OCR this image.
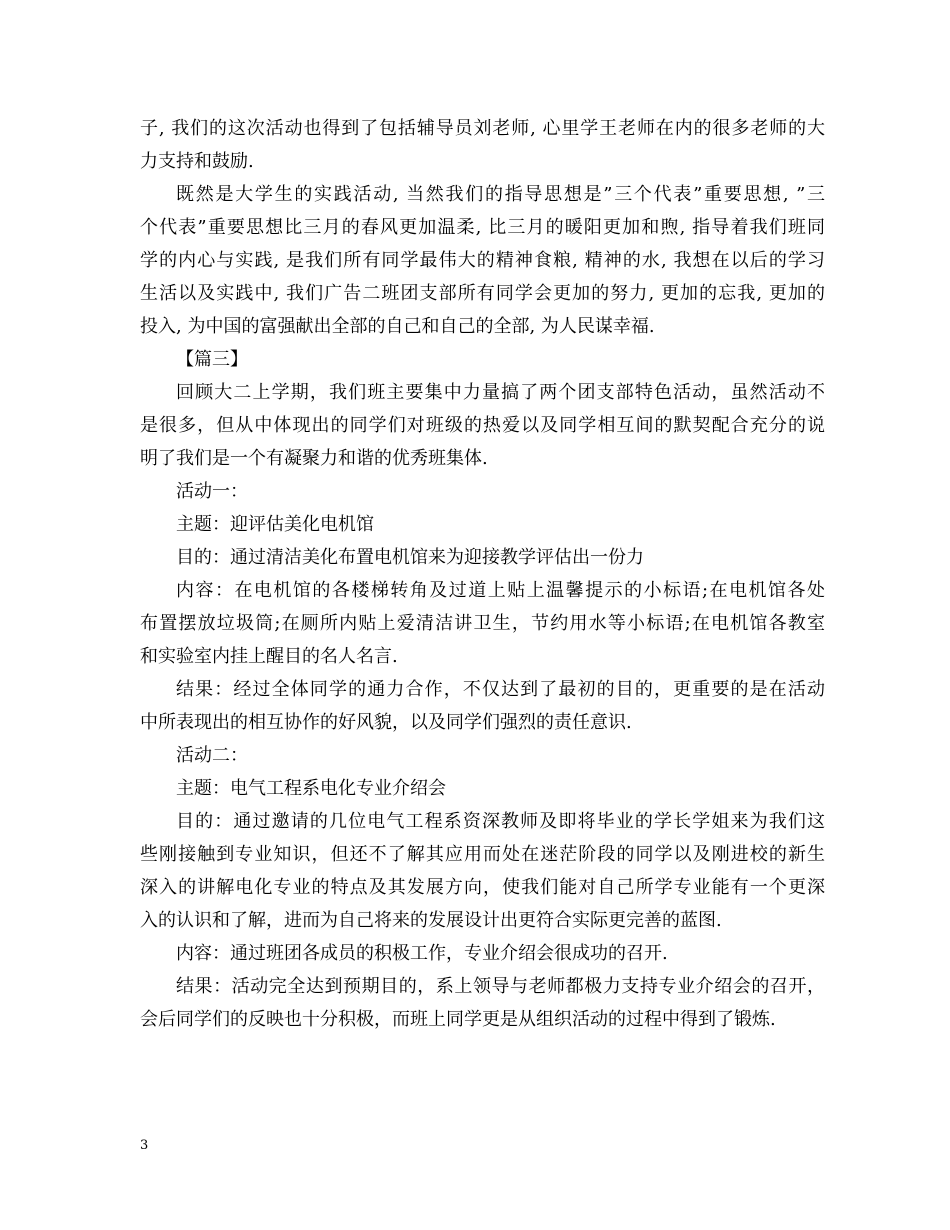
子, 我们的这次活动也得到了包括辅导员刘老师, 心里学王老师在内的很多老师的大
力支持和鼓励.
既然是大学生的实践活动, 当然我们的指导思想是”三个代表”重要思想, ”三
个代表”重要思想比三月的春风更加温柔, 比三月的暖阳更加和煦, 指导着我们班同
学的内心与实践, 是我们所有同学最伟大的精神食粮, 精神的水, 我想在以后的学习
生活以及实践中, 我们广告二班团支部所有同学会更加的努力, 更加的忘我, 更加的
投入, 为中国的富强献出全部的自己和自己的全部, 为人民谋幸福.
【篇三】
回顾大二上学期，我们班主要集中力量搞了两个团支部特色活动，虽然活动不
是很多，但从中体现出的同学们对班级的热爱以及同学相互间的默契配合充分的说
明了我们是一个有凝聚力和谐的优秀班集体.
活动一：
主题：迎评估美化电机馆
目的：通过清洁美化布置电机馆来为迎接教学评估出一份力
内容：在电机馆的各楼梯转角及过道上贴上温馨提示的小标语;在电机馆各处
布置摆放垃圾筒;在厕所内贴上爱清洁讲卫生，节约用水等小标语;在电机馆各教室
和实验室内挂上醒目的名人名言.
结果：经过全体同学的通力合作，不仅达到了最初的目的，更重要的是在活动
中所表现出的相互协作的好风貌，以及同学们强烈的责任意识.
活动二：
主题：电气工程系电化专业介绍会
目的：通过邀请的几位电气工程系资深教师及即将毕业的学长学姐来为我们这
些刚接触到专业知识，但还不了解其应用而处在迷茫阶段的同学以及刚进校的新生
深入的讲解电化专业的特点及其发展方向，使我们能对自己所学专业能有一个更深
入的认识和了解，进而为自己将来的发展设计出更符合实际更完善的蓝图.
内容：通过班团各成员的积极工作，专业介绍会很成功的召开.
结果：活动完全达到预期目的，系上领导与老师都极力支持专业介绍会的召开，
会后同学们的反映也十分积极，而班上同学更是从组织活动的过程中得到了锻炼.
3
